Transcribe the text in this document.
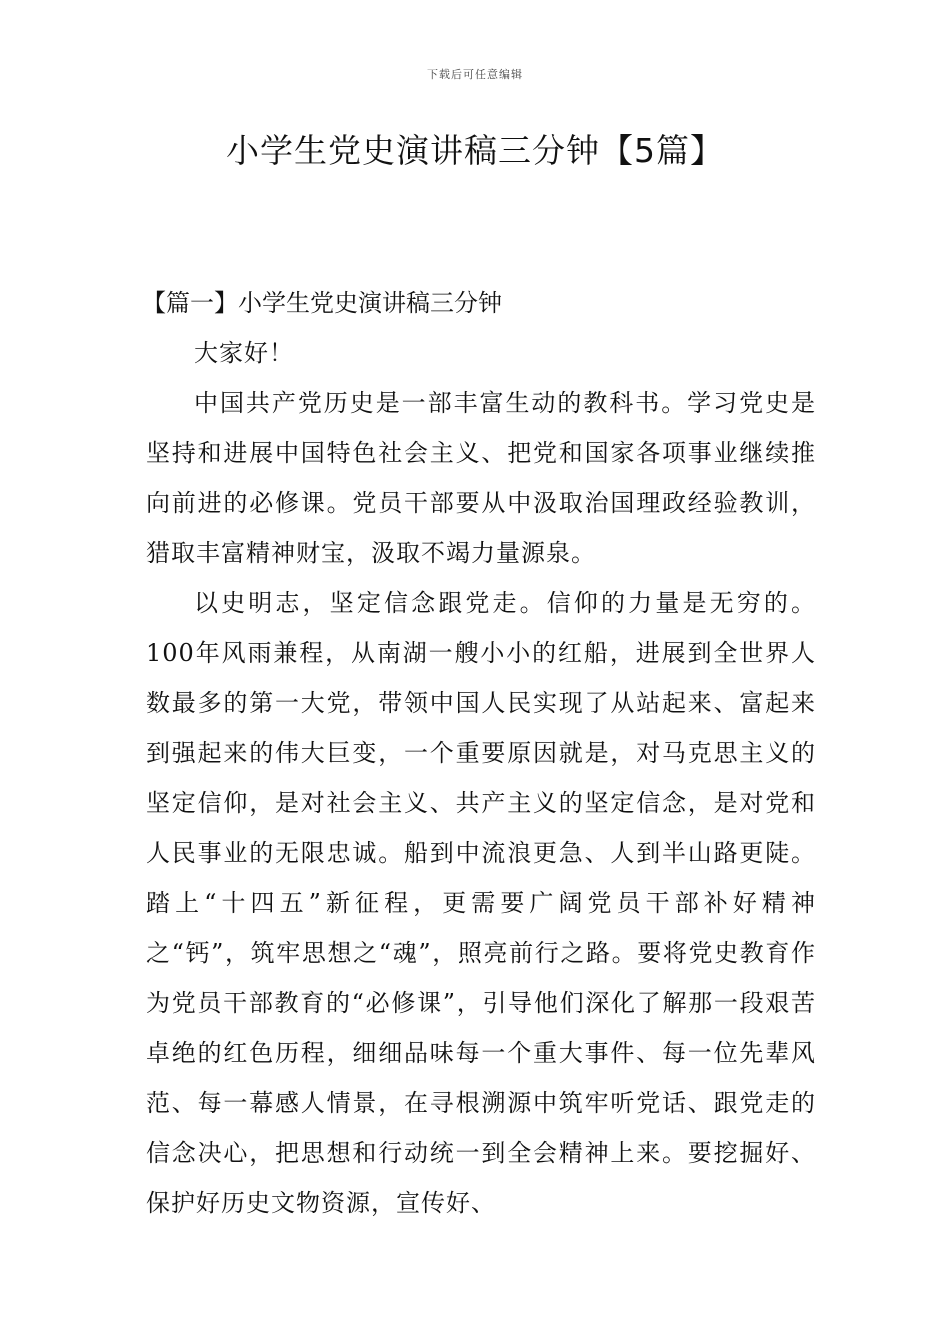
下载后可任意编辑
小学生党史演讲稿三分钟【5篇】

【篇一】小学生党史演讲稿三分钟

大家好！

中国共产党历史是一部丰富生动的教科书。学习党史是坚持和进展中国特色社会主义、把党和国家各项事业继续推向前进的必修课。党员干部要从中汲取治国理政经验教训，猎取丰富精神财宝，汲取不竭力量源泉。

以史明志，坚定信念跟党走。信仰的力量是无穷的。100年风雨兼程，从南湖一艘小小的红船，进展到全世界人数最多的第一大党，带领中国人民实现了从站起来、富起来到强起来的伟大巨变，一个重要原因就是，对马克思主义的坚定信仰，是对社会主义、共产主义的坚定信念，是对党和人民事业的无限忠诚。船到中流浪更急、人到半山路更陡。踏上“十四五”新征程，更需要广阔党员干部补好精神之“钙”，筑牢思想之“魂”，照亮前行之路。要将党史教育作为党员干部教育的“必修课”，引导他们深化了解那一段艰苦卓绝的红色历程，细细品味每一个重大事件、每一位先辈风范、每一幕感人情景，在寻根溯源中筑牢听党话、跟党走的信念决心，把思想和行动统一到全会精神上来。要挖掘好、保护好历史文物资源，宣传好、
